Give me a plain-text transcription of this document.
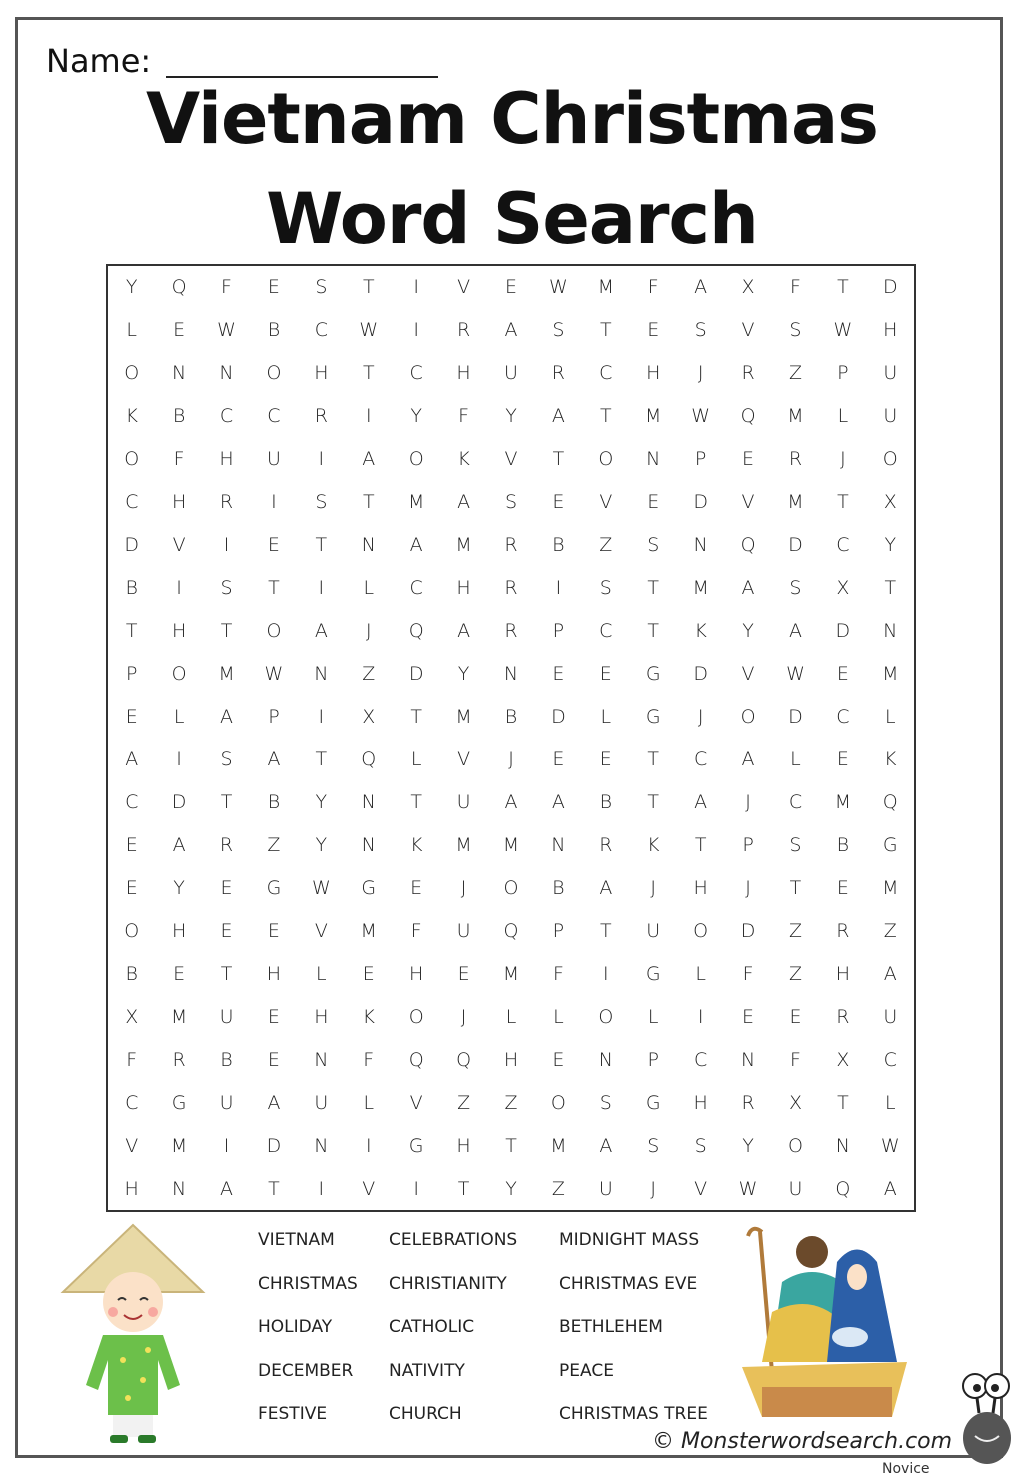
Name:
Vietnam Christmas
Word Search
Y	Q	F	E	S	T	I	V	E	W	M	F	A	X	F	T	D
L	E	W	B	C	W	I	R	A	S	T	E	S	V	S	W	H
O	N	N	O	H	T	C	H	U	R	C	H	J	R	Z	P	U
K	B	C	C	R	I	Y	F	Y	A	T	M	W	Q	M	L	U
O	F	H	U	I	A	O	K	V	T	O	N	P	E	R	J	O
C	H	R	I	S	T	M	A	S	E	V	E	D	V	M	T	X
D	V	I	E	T	N	A	M	R	B	Z	S	N	Q	D	C	Y
B	I	S	T	I	L	C	H	R	I	S	T	M	A	S	X	T
T	H	T	O	A	J	Q	A	R	P	C	T	K	Y	A	D	N
P	O	M	W	N	Z	D	Y	N	E	E	G	D	V	W	E	M
E	L	A	P	I	X	T	M	B	D	L	G	J	O	D	C	L
A	I	S	A	T	Q	L	V	J	E	E	T	C	A	L	E	K
C	D	T	B	Y	N	T	U	A	A	B	T	A	J	C	M	Q
E	A	R	Z	Y	N	K	M	M	N	R	K	T	P	S	B	G
E	Y	E	G	W	G	E	J	O	B	A	J	H	J	T	E	M
O	H	E	E	V	M	F	U	Q	P	T	U	O	D	Z	R	Z
B	E	T	H	L	E	H	E	M	F	I	G	L	F	Z	H	A
X	M	U	E	H	K	O	J	L	L	O	L	I	E	E	R	U
F	R	B	E	N	F	Q	Q	H	E	N	P	C	N	F	X	C
C	G	U	A	U	L	V	Z	Z	O	S	G	H	R	X	T	L
V	M	I	D	N	I	G	H	T	M	A	S	S	Y	O	N	W
H	N	A	T	I	V	I	T	Y	Z	U	J	V	W	U	Q	A
VIETNAM
CHRISTMAS
HOLIDAY
DECEMBER
FESTIVE
CELEBRATIONS
CHRISTIANITY
CATHOLIC
NATIVITY
CHURCH
MIDNIGHT MASS
CHRISTMAS EVE
BETHLEHEM
PEACE
CHRISTMAS TREE
© Monsterwordsearch.com
Novice
